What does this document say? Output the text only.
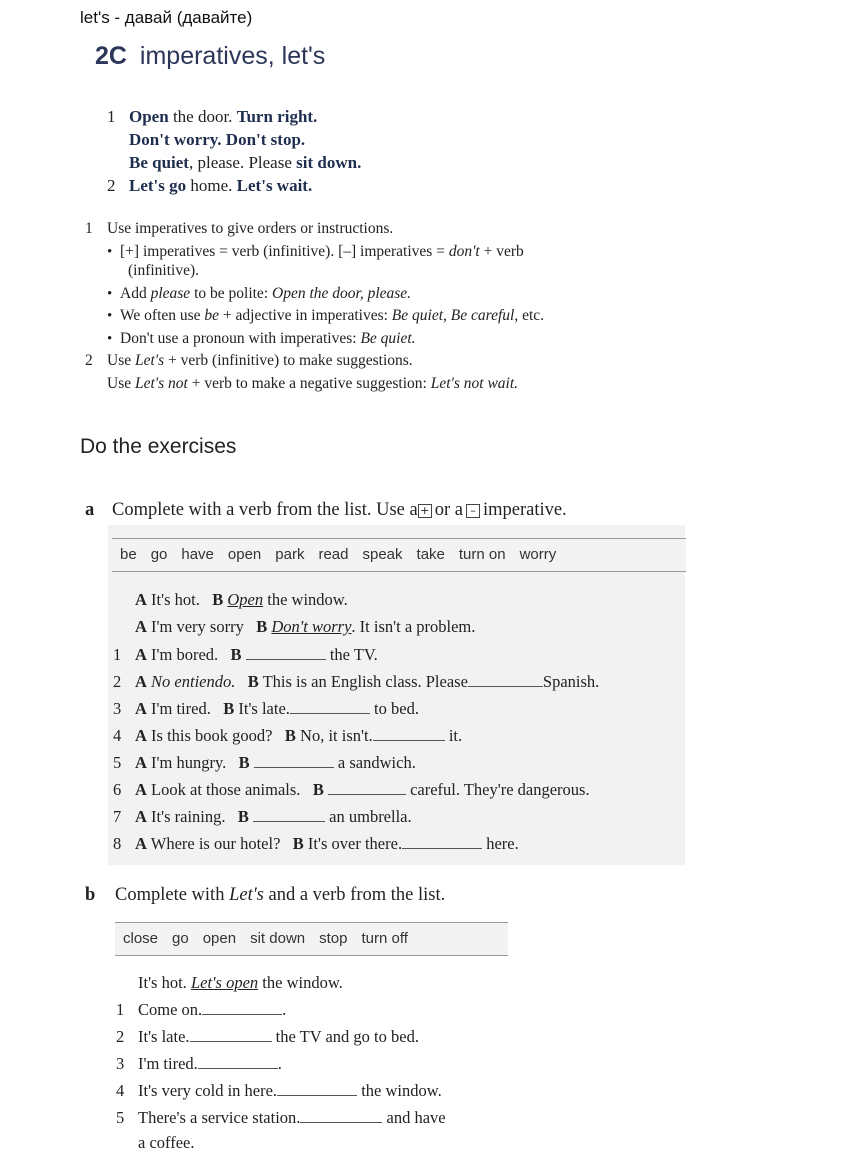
let's - давай (давайте)
2C imperatives, let's
1 Open the door. Turn right.
Don't worry. Don't stop.
Be quiet, please. Please sit down.
2 Let's go home. Let's wait.
1 Use imperatives to give orders or instructions.
• [+] imperatives = verb (infinitive). [–] imperatives = don't + verb
(infinitive).
• Add please to be polite: Open the door, please.
• We often use be + adjective in imperatives: Be quiet, Be careful, etc.
• Don't use a pronoun with imperatives: Be quiet.
2 Use Let's + verb (infinitive) to make suggestions.
Use Let's not + verb to make a negative suggestion: Let's not wait.
Do the exercises
a Complete with a verb from the list. Use a + or a – imperative.
be go have open park read speak take turn on worry
A It's hot. B Open the window.
A I'm very sorry B Don't worry. It isn't a problem.
1 A I'm bored. B	the TV.
2 A No entiendo. B This is an English class. Please	Spanish.
3 A I'm tired. B It's late.	to bed.
4 A Is this book good? B No, it isn't.	it.
5 A I'm hungry. B	a sandwich.
6 A Look at those animals. B	careful. They're dangerous.
7 A It's raining. B	an umbrella.
8 A Where is our hotel? B It's over there.	here.
b Complete with Let's and a verb from the list.
close go open sit down stop turn off
It's hot. Let's open the window.
1 Come on.	.
2 It's late.	the TV and go to bed.
3 I'm tired.	.
4 It's very cold in here.	the window.
5 There's a service station.	and have
a coffee.
